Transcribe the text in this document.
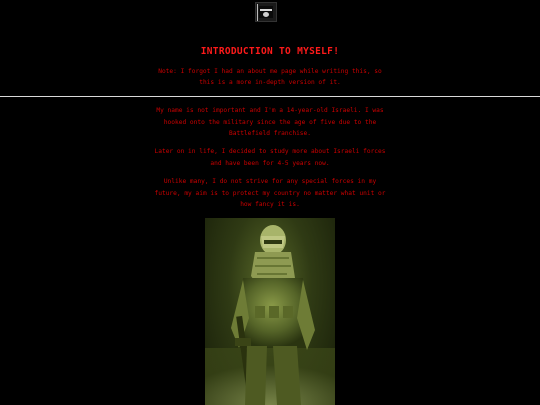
INTRODUCTION TO MYSELF!
Note: I forgot I had an about me page while writing this, so
this is a more in-depth version of it.
My name is not important and I'm a 14-year-old Israeli. I was
hooked onto the military since the age of five due to the
Battlefield franchise.
Later on in life, I decided to study more about Israeli forces
and have been for 4-5 years now.
Unlike many, I do not strive for any special forces in my
future, my aim is to protect my country no matter what unit or
how fancy it is.
